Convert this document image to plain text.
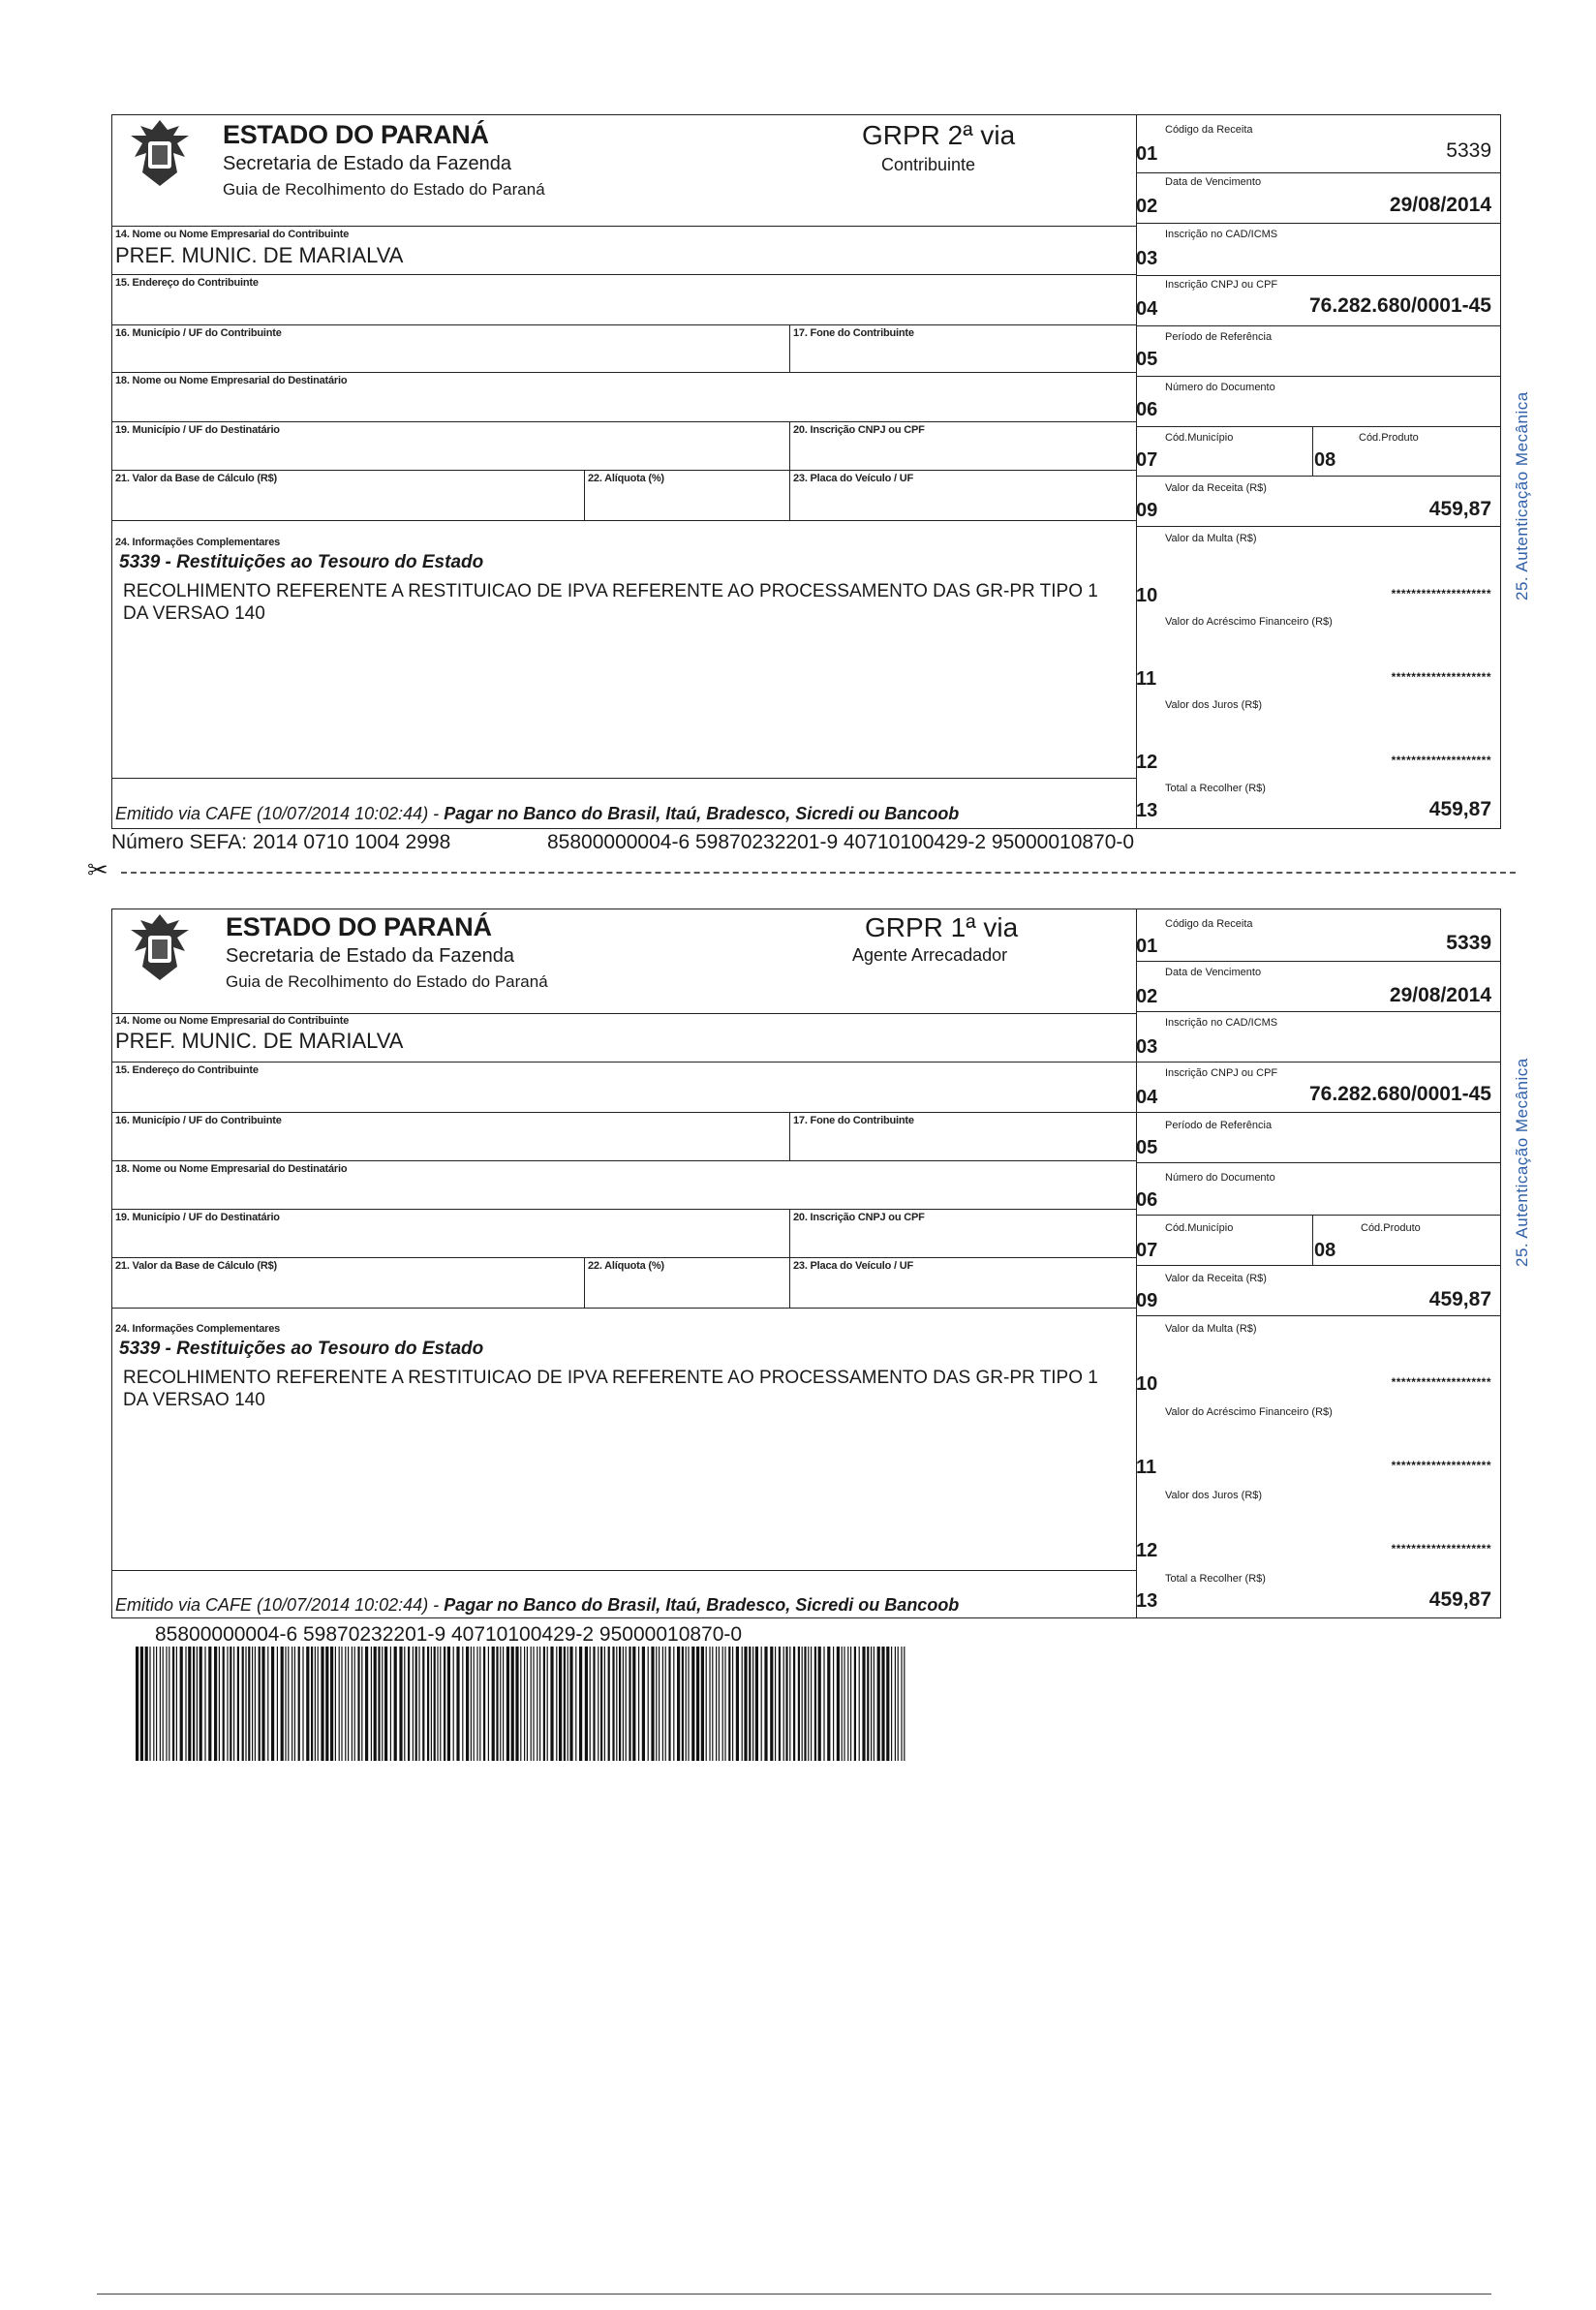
ESTADO DO PARANÁ
Secretaria de Estado da Fazenda
Guia de Recolhimento do Estado do Paraná
GRPR 2ª via
Contribuinte
14. Nome ou Nome Empresarial do Contribuinte
PREF. MUNIC. DE MARIALVA
15. Endereço do Contribuinte
16. Município / UF do Contribuinte	17. Fone do Contribuinte
18. Nome ou Nome Empresarial do Destinatário
19. Município / UF do Destinatário	20. Inscrição CNPJ ou CPF
21. Valor da Base de Cálculo (R$)	22. Alíquota (%)	23. Placa do Veículo / UF
24. Informações Complementares
5339 - Restituições ao Tesouro do Estado
RECOLHIMENTO REFERENTE A RESTITUICAO DE IPVA REFERENTE AO PROCESSAMENTO DAS GR-PR TIPO 1
DA VERSAO 140
Emitido via CAFE (10/07/2014 10:02:44) - Pagar no Banco do Brasil, Itaú, Bradesco, Sicredi ou Bancoob
Código da Receita
01	5339
Data de Vencimento
02	29/08/2014
Inscrição no CAD/ICMS
03
Inscrição CNPJ ou CPF
04	76.282.680/0001-45
Período de Referência
05
Número do Documento
06
Cód.Município
07
Cód.Produto
08
Valor da Receita (R$)
09	459,87
Valor da Multa (R$)
10	********************
Valor do Acréscimo Financeiro (R$)
11	********************
Valor dos Juros (R$)
12	********************
Total a Recolher (R$)
13	459,87
25. Autenticação Mecânica
Número SEFA: 2014 0710 1004 2998	85800000004-6 59870232201-9 40710100429-2 95000010870-0
✂
ESTADO DO PARANÁ
Secretaria de Estado da Fazenda
Guia de Recolhimento do Estado do Paraná
GRPR 1ª via
Agente Arrecadador
14. Nome ou Nome Empresarial do Contribuinte
PREF. MUNIC. DE MARIALVA
15. Endereço do Contribuinte
16. Município / UF do Contribuinte	17. Fone do Contribuinte
18. Nome ou Nome Empresarial do Destinatário
19. Município / UF do Destinatário	20. Inscrição CNPJ ou CPF
21. Valor da Base de Cálculo (R$)	22. Alíquota (%)	23. Placa do Veículo / UF
24. Informações Complementares
5339 - Restituições ao Tesouro do Estado
RECOLHIMENTO REFERENTE A RESTITUICAO DE IPVA REFERENTE AO PROCESSAMENTO DAS GR-PR TIPO 1
DA VERSAO 140
Emitido via CAFE (10/07/2014 10:02:44) - Pagar no Banco do Brasil, Itaú, Bradesco, Sicredi ou Bancoob
Código da Receita
01	5339
Data de Vencimento
02	29/08/2014
Inscrição no CAD/ICMS
03
Inscrição CNPJ ou CPF
04	76.282.680/0001-45
Período de Referência
05
Número do Documento
06
Cód.Município
07
Cód.Produto
08
Valor da Receita (R$)
09	459,87
Valor da Multa (R$)
10	********************
Valor do Acréscimo Financeiro (R$)
11	********************
Valor dos Juros (R$)
12	********************
Total a Recolher (R$)
13	459,87
25. Autenticação Mecânica
85800000004-6 59870232201-9 40710100429-2 95000010870-0
